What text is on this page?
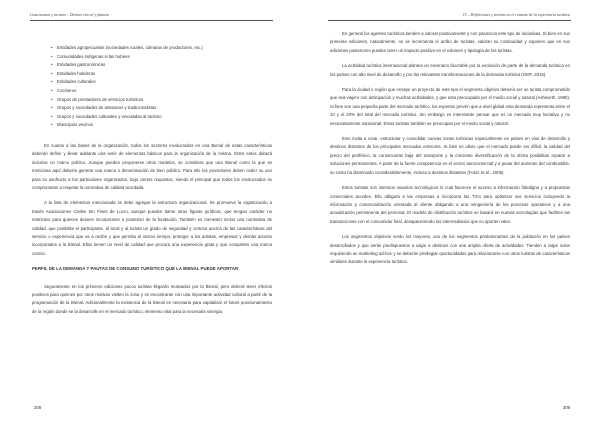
Gastronomía y turismo – Destino vivo al y planeta
• Entidades agropecuarias (sociedades rurales, cámaras de productores, etc.)
• Comunidades indígenas si las hubiere
• Entidades gastronómicas
• Entidades hoteleras
• Entidades culturales
• Cocineros
• Grupos de prestadores de servicios turísticos
• Grupos y sociedades de artesanos y tradicionalistas
• Grupos y sociedades culturales y vinculadas al turismo
• Municipios vecinos

En cuanto a las bases de la organización, todos los sectores involucrados en una Bienal de estas características deberán definir y llevar adelante una serie de elementos básicos para la organización de la misma. Entre estos deberá incluirse un marco político. Aunque pueden proponerse otros modelos, se considera que una Bienal como la que se menciona aquí debería generar una marca o denominación de bien público. Para ello los promotores deben ceder su uso para su usufructo a los particulares organizados, bajo ciertos requisitos, siendo el principal que todos los involucrados se comprometan a respetar la normativa de calidad acordada.

A la lista de elementos mencionada se debe agregar la estructura organizacional. Se promueve la organización a través Asociaciones Civiles Sin Fines de Lucro, aunque pueden darse otras figuras jurídicas, que tengan carácter no restrictivo para quienes deseen incorporarse a posteriori de la fundación. También es menester incluir una normativa de calidad, que posibilite el participante, al local y al turista un grado de seguridad y certeza acerca de las características del servicio o experiencia que va a recibir y que permita al mismo tiempo, proteger a los artistas, empresas y demás actores incorporados a la Bienal. Ellos tienen un nivel de calidad que procura una experiencia grata y que comparten una marca común.

PERFIL DE LA DEMANDA Y PAUTAS DE CONSUMO TURÍSTICO QUE LA BIENAL PUEDE APORTAR

Seguramente en los primeros ediciones pocos turistas llegarán motivados por la Bienal, pero deberá tener efectos positivos para quienes por otros motivos visiten la zona y se encontraran con una importante actividad cultural a partir de la programación de la Bienal. Adicionalmente la existencia de la Bienal es necesaria para capitalizar el futuro posicionamiento de la región donde se la desarrolle en el mercado turístico, elemento vital para la necesaria sinergia.

308
15 – Definiciones y turismo en el contexto de la experiencia turística

En general los agentes turísticos tienden a valorar positivamente y con paciencia este tipo de iniciativas. Si bien en sus primeras ediciones, naturalmente, no se incrementa el arribo de turistas, valoran su continuidad y suponen que en sus ediciones posteriores pueden tener un impacto positivo en el volumen y tipología de los turistas.

La actividad turística internacional plantea un escenario favorable por la evolución de parte de la demanda turística en los países con alto nivel de desarrollo y por las relevantes transformaciones de la demanda turística (OMT, 2015).

Para la ciudad o región que ensaye un proyecto de este tipo el segmento objetivo debería ser un turista comprometido que sea viajero con anticipación y muchas actividades, y que esta preocupado por el medio social y natural (Ashworth, 1990). Si bien son una pequeña parte del mercado turístico, los expertos prevén que a nivel global esta demanda representa entre el 10 y el 20% del total del mercado turístico. Sin embargo es interesante pensar que es un mercado muy lucrativo y no necesariamente estacional. Estos turistas también se preocupan por el medio social y natural.

Esto invita a crear, estructurar y consolidar nuevas zonas turísticas especialmente en países en vías de desarrollo y destinos distantes de los principales mercados emisores. Si bien es obvio que el mercado puede ser difícil, la calidad del precio del periférico, la consecuente baja del transporte y la creciente diversificación de la oferta posibilitan reparar a soluciones permanentes. A partir de la fuerte competencia en el sector aerocomercial y a pesar del aumento del combustible, su costo ha disminuido considerablemente, incluso a destinos distantes (Fotoz et al., 2005).

Estos turistas son intensos usuarios tecnológicos lo cual favorece el acceso a información fidedigna y a propuestas comerciales acordes. Ello obligará a las empresas a incorporar las TICs para optimizar sus servicios incluyendo la información y comercialización orientada al cliente obligando a una reingeniería de los procesos operativos y a una actualización permanente del personal. El modelo de distribución turística se basará en nuevas tecnologías que faciliten las transacciones con el consumidor final, desapareciendo los intermediarios que no aporten valor.

Los segmentos objetivos serán los mayores, uno de los segmentos predominantes de la población en los países desarrollados y que serán predispuestos a viajar a destinos con una amplia oferta de actividades. Tienden a viajar solos requiriendo un marketing ad-hoc y se deberán privilegiar oportunidades para relacionarse con otros turistas de características similares durante la experiencia turística.

309
